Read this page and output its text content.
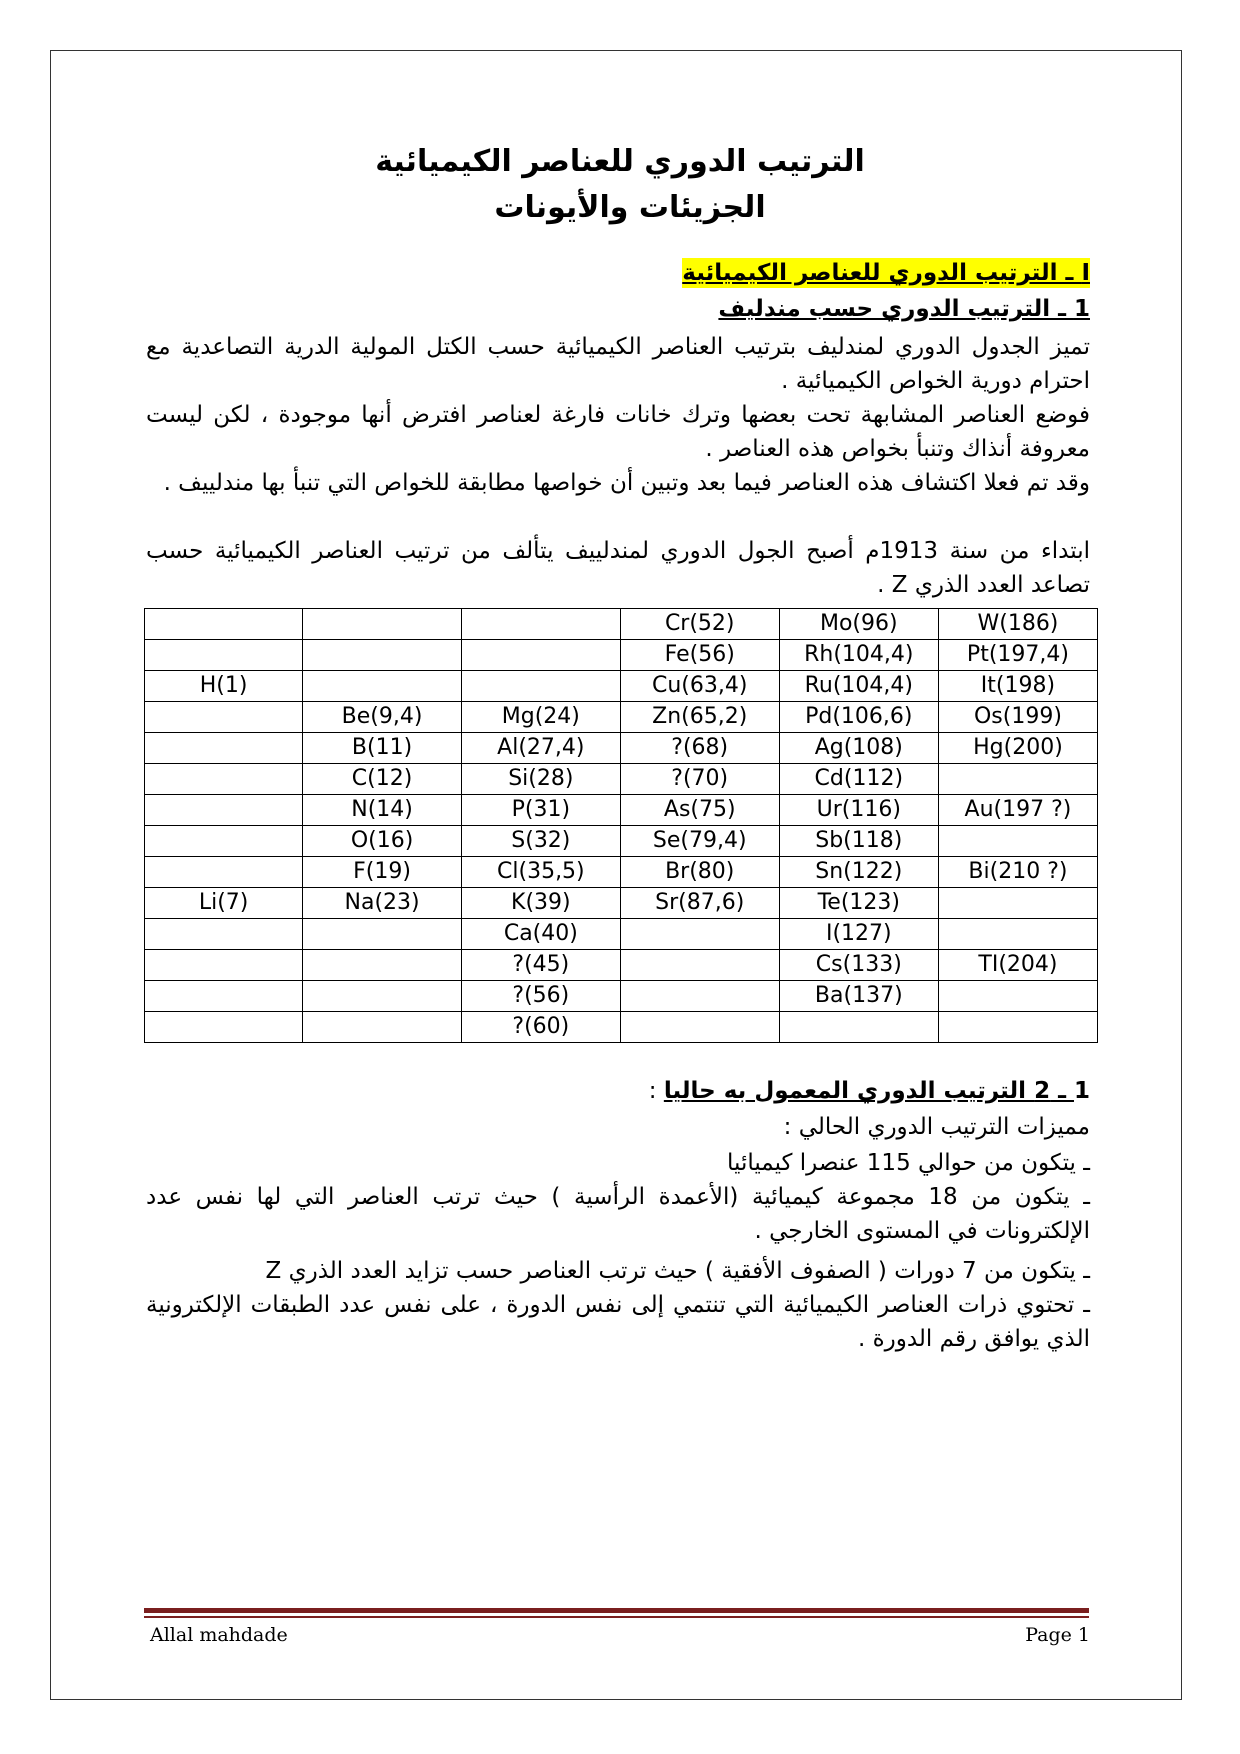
الترتيب الدوري للعناصر الكيميائية
الجزيئات والأيونات
I ـ الترتيب الدوري للعناصر الكيميائية
1 ـ الترتيب الدوري حسب مندليف
تميز الجدول الدوري لمندليف بترتيب العناصر الكيميائية حسب الكتل المولية الدرية التصاعدية مع احترام دورية الخواص الكيميائية .
فوضع العناصر المشابهة تحت بعضها وترك خانات فارغة لعناصر افترض أنها موجودة ، لكن ليست معروفة أنذاك وتنبأ بخواص هذه العناصر .
وقد تم فعلا اكتشاف هذه العناصر فيما بعد وتبين أن خواصها مطابقة للخواص التي تنبأ بها مندلييف .
ابتداء من سنة 1913م أصبح الجول الدوري لمندلييف يتألف من ترتيب العناصر الكيميائية حسب تصاعد العدد الذري Z .
			Cr(52)	Mo(96)	W(186)
			Fe(56)	Rh(104,4)	Pt(197,4)
H(1)			Cu(63,4)	Ru(104,4)	It(198)
	Be(9,4)	Mg(24)	Zn(65,2)	Pd(106,6)	Os(199)
	B(11)	Al(27,4)	?(68)	Ag(108)	Hg(200)
	C(12)	Si(28)	?(70)	Cd(112)	
	N(14)	P(31)	As(75)	Ur(116)	Au(197 ?)
	O(16)	S(32)	Se(79,4)	Sb(118)	
	F(19)	Cl(35,5)	Br(80)	Sn(122)	Bi(210 ?)
Li(7)	Na(23)	K(39)	Sr(87,6)	Te(123)	
		Ca(40)		I(127)	
		?(45)		Cs(133)	TI(204)
		?(56)		Ba(137)	
		?(60)			
1 ـ 2 الترتيب الدوري المعمول به حاليا :
مميزات الترتيب الدوري الحالي :
ـ يتكون من حوالي 115 عنصرا كيميائيا
ـ يتكون من 18 مجموعة كيميائية (الأعمدة الرأسية ) حيث ترتب العناصر التي لها نفس عدد الإلكترونات في المستوى الخارجي .
ـ يتكون من 7 دورات ( الصفوف الأفقية ) حيث ترتب العناصر حسب تزايد العدد الذري Z
ـ تحتوي ذرات العناصر الكيميائية التي تنتمي إلى نفس الدورة ، على نفس عدد الطبقات الإلكترونية الذي يوافق رقم الدورة .
Allal mahdade	Page 1
